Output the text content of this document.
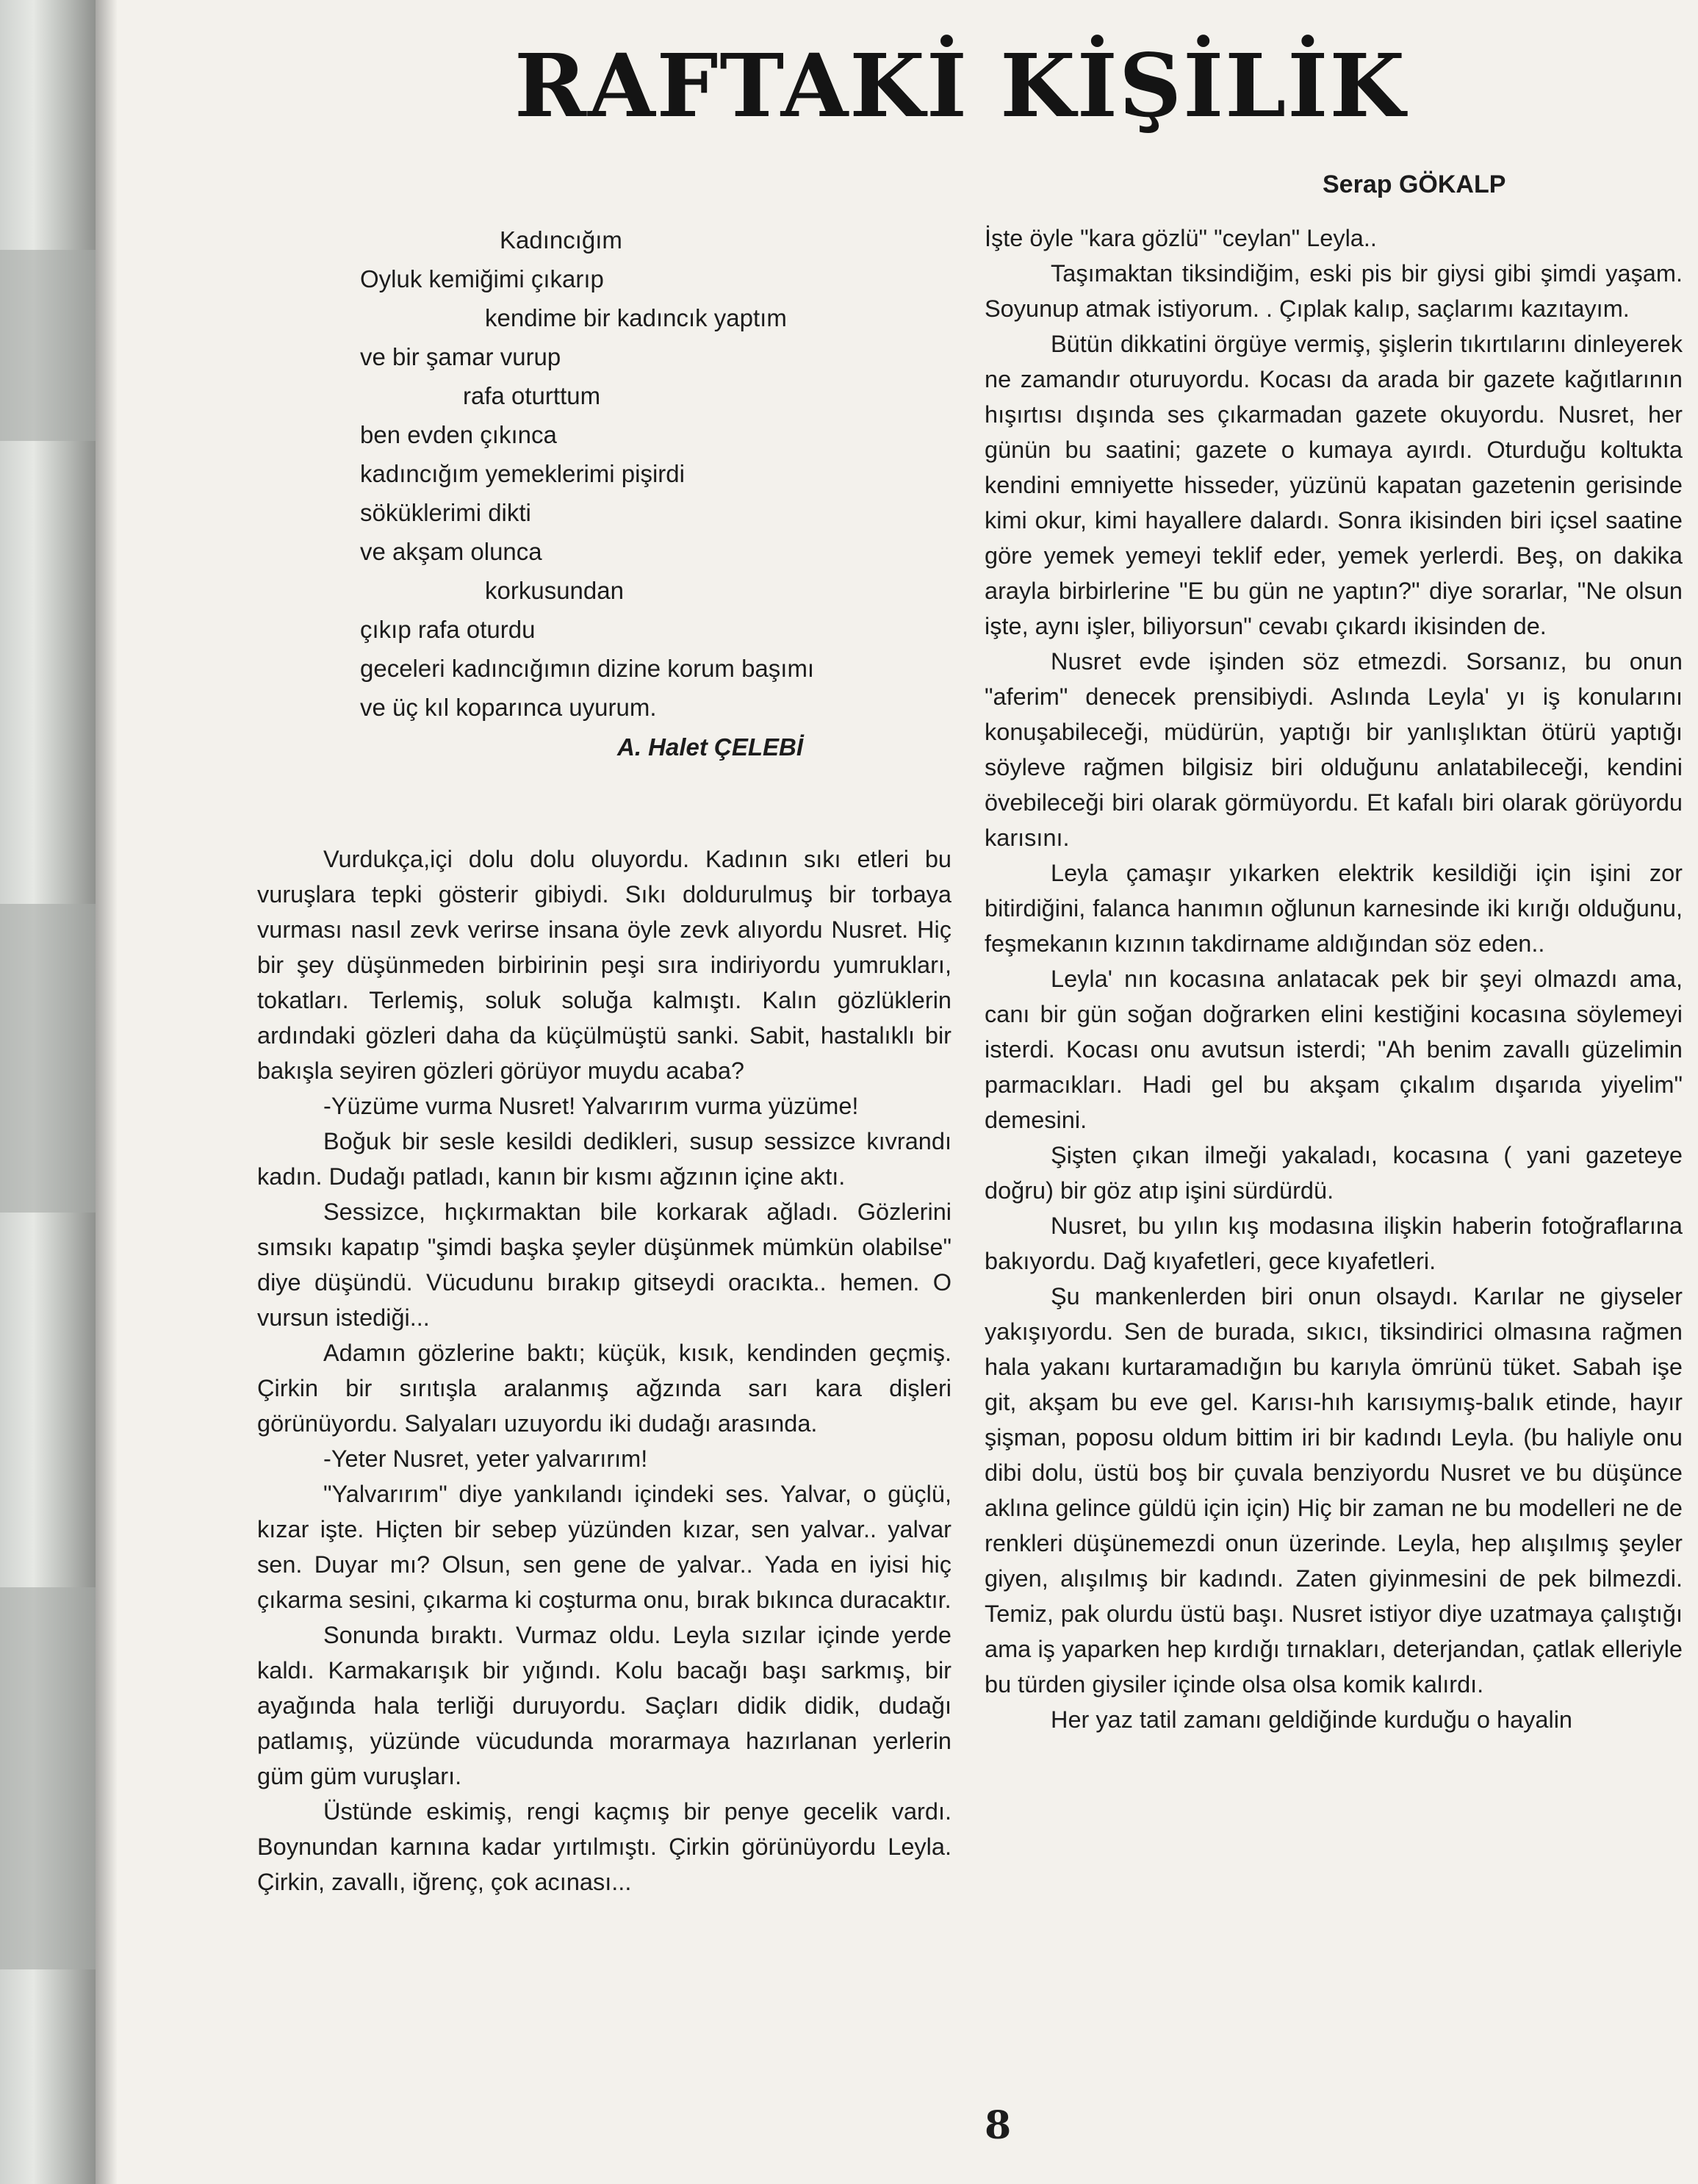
RAFTAKİ KİŞİLİK

Serap GÖKALP

Kadıncığım
Oyluk kemiğimi çıkarıp
kendime bir kadıncık yaptım
ve bir şamar vurup
rafa oturttum
ben evden çıkınca
kadıncığım yemeklerimi pişirdi
söküklerimi dikti
ve akşam olunca
korkusundan
çıkıp rafa oturdu
geceleri kadıncığımın dizine korum başımı
ve üç kıl koparınca uyurum.

A. Halet ÇELEBİ

Vurdukça,içi dolu dolu oluyordu. Kadının sıkı etleri bu vuruşlara tepki gösterir gibiydi. Sıkı doldurulmuş bir torbaya vurması nasıl zevk verirse insana öyle zevk alıyordu Nusret. Hiç bir şey düşünmeden birbirinin peşi sıra indiriyordu yumrukları, tokatları. Terlemiş, soluk soluğa kalmıştı. Kalın gözlüklerin ardındaki gözleri daha da küçülmüştü sanki. Sabit, hastalıklı bir bakışla seyiren gözleri görüyor muydu acaba?

-Yüzüme vurma Nusret! Yalvarırım vurma yüzüme!

Boğuk bir sesle kesildi dedikleri, susup sessizce kıvrandı kadın. Dudağı patladı, kanın bir kısmı ağzının içine aktı.

Sessizce, hıçkırmaktan bile korkarak ağladı. Gözlerini sımsıkı kapatıp "şimdi başka şeyler düşünmek mümkün olabilse" diye düşündü. Vücudunu bırakıp gitseydi oracıkta.. hemen. O vursun istediği...

Adamın gözlerine baktı; küçük, kısık, kendinden geçmiş. Çirkin bir sırıtışla aralanmış ağzında sarı kara dişleri görünüyordu. Salyaları uzuyordu iki dudağı arasında.

-Yeter Nusret, yeter yalvarırım!

"Yalvarırım" diye yankılandı içindeki ses. Yalvar, o güçlü, kızar işte. Hiçten bir sebep yüzünden kızar, sen yalvar.. yalvar sen. Duyar mı? Olsun, sen gene de yalvar.. Yada en iyisi hiç çıkarma sesini, çıkarma ki coşturma onu, bırak bıkınca duracaktır.

Sonunda bıraktı. Vurmaz oldu. Leyla sızılar içinde yerde kaldı. Karmakarışık bir yığındı. Kolu bacağı başı sarkmış, bir ayağında hala terliği duruyordu. Saçları didik didik, dudağı patlamış, yüzünde vücudunda morarmaya hazırlanan yerlerin güm güm vuruşları.

Üstünde eskimiş, rengi kaçmış bir penye gecelik vardı. Boynundan karnına kadar yırtılmıştı. Çirkin görünüyordu Leyla. Çirkin, zavallı, iğrenç, çok acınası...

İşte öyle "kara gözlü" "ceylan" Leyla..

Taşımaktan tiksindiğim, eski pis bir giysi gibi şimdi yaşam. Soyunup atmak istiyorum. . Çıplak kalıp, saçlarımı kazıtayım.

Bütün dikkatini örgüye vermiş, şişlerin tıkırtılarını dinleyerek ne zamandır oturuyordu. Kocası da arada bir gazete kağıtlarının hışırtısı dışında ses çıkarmadan gazete okuyordu. Nusret, her günün bu saatini; gazete o kumaya ayırdı. Oturduğu koltukta kendini emniyette hisseder, yüzünü kapatan gazetenin gerisinde kimi okur, kimi hayallere dalardı. Sonra ikisinden biri içsel saatine göre yemek yemeyi teklif eder, yemek yerlerdi. Beş, on dakika arayla birbirlerine "E bu gün ne yaptın?" diye sorarlar, "Ne olsun işte, aynı işler, biliyorsun" cevabı çıkardı ikisinden de.

Nusret evde işinden söz etmezdi. Sorsanız, bu onun "aferim" denecek prensibiydi. Aslında Leyla' yı iş konularını konuşabileceği, müdürün, yaptığı bir yanlışlıktan ötürü yaptığı söyleve rağmen bilgisiz biri olduğunu anlatabileceği, kendini övebileceği biri olarak görmüyordu. Et kafalı biri olarak görüyordu karısını.

Leyla çamaşır yıkarken elektrik kesildiği için işini zor bitirdiğini, falanca hanımın oğlunun karnesinde iki kırığı olduğunu, feşmekanın kızının takdirname aldığından söz eden..

Leyla' nın kocasına anlatacak pek bir şeyi olmazdı ama, canı bir gün soğan doğrarken elini kestiğini kocasına söylemeyi isterdi. Kocası onu avutsun isterdi; "Ah benim zavallı güzelimin parmacıkları. Hadi gel bu akşam çıkalım dışarıda yiyelim" demesini.

Şişten çıkan ilmeği yakaladı, kocasına ( yani gazeteye doğru) bir göz atıp işini sürdürdü.

Nusret, bu yılın kış modasına ilişkin haberin fotoğraflarına bakıyordu. Dağ kıyafetleri, gece kıyafetleri.

Şu mankenlerden biri onun olsaydı. Karılar ne giyseler yakışıyordu. Sen de burada, sıkıcı, tiksindirici olmasına rağmen hala yakanı kurtaramadığın bu karıyla ömrünü tüket. Sabah işe git, akşam bu eve gel. Karısı-hıh karısıymış-balık etinde, hayır şişman, poposu oldum bittim iri bir kadındı Leyla. (bu haliyle onu dibi dolu, üstü boş bir çuvala benziyordu Nusret ve bu düşünce aklına gelince güldü için için) Hiç bir zaman ne bu modelleri ne de renkleri düşünemezdi onun üzerinde. Leyla, hep alışılmış şeyler giyen, alışılmış bir kadındı. Zaten giyinmesini de pek bilmezdi. Temiz, pak olurdu üstü başı. Nusret istiyor diye uzatmaya çalıştığı ama iş yaparken hep kırdığı tırnakları, deterjandan, çatlak elleriyle bu türden giysiler içinde olsa olsa komik kalırdı.

Her yaz tatil zamanı geldiğinde kurduğu o hayalin

8
